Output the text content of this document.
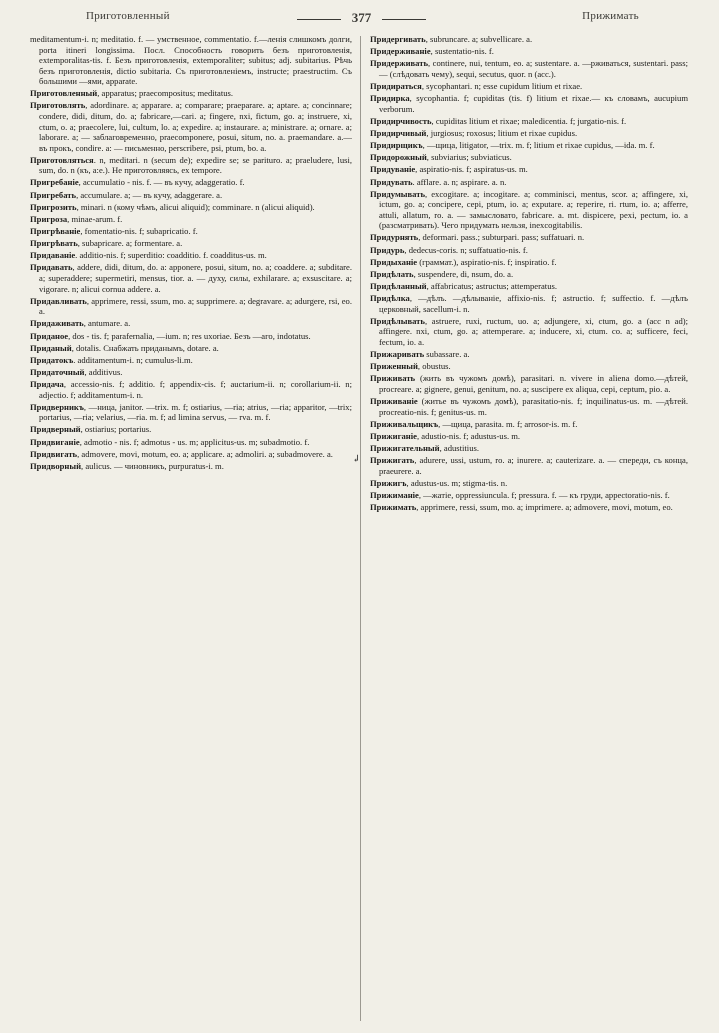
Приготовленный	377	Прижимать

meditamentum-i. n; meditatio. f. — умственное, commentatio. f.—ленія слишкомъ долги, porta itineri longissima. Посл. Способность говорить безъ приготовленія, extemporalitas-tis. f. Безъ приготовленія, extemporaliter; subitus; adj. subitarius. Рѣчь безъ приготовленія, dictio subitaria. Съ приготовленіемъ, instructe; praestructim. Съ большими —ями, apparate.

Приготовленный, apparatus; praecompositus; meditatus.

Приготовлять, adordinare. a; apparare. a; comparare; praeparare. a; aptare. a; concinnare; condere, didi, ditum, do. a; fabricare,—cari. a; fingere, nxi, fictum, go. a; instruere, xi, ctum, o. a; praecolere, lui, cultum, lo. a; expedire. a; instaurare. a; ministrare. a; ornare. a; laborare. a; — заблаговременно, praecomponere, posui, situm, no. a. praemandare. a.—въ прокъ, condire. a: — письменно, perscribere, psi, ptum, bo. a.

Приготовляться. n, meditari. n (secum de); expedire se; se parituro. a; praeludere, lusi, sum, do. n (къ, a:e.). Не приготовляясь, ex tempore.

Пригребаніе, accumulatio - nis. f. — въ кучу, adaggeratio. f.

Пригребать, accumulare. a; — въ кучу, adaggerare. a.

Пригрозить, minari. n (кому чѣмъ, alicui aliquid); comminare. n (alicui aliquid).

Пригроза, minae-arum. f.

Пригрѣваніе, fomentatio-nis. f; subapricatio. f.

Пригрѣвать, subapricare. a; formentare. a.

Придаваніе. additio-nis. f; superditio: coadditio. f. coadditus-us. m.

Придавать, addere, didi, ditum, do. a: apponere, posui, situm, no. a; coaddere. a; subditare. a; superaddere; supermetiri, mensus, tior. a. — духу, силы, exhilarare. a; exsuscitare. a; vigorare. n; alicui cornua addere. a.

Придавливать, apprimere, ressi, ssum, mo. a; supprimere. a; degravare. a; adurgere, rsi, eo. a.

Придаживать, antumare. a.

Приданое, dos - tis. f; parafernalia, —ium. n; res uxoriae. Безъ —аго, indotatus.

Приданый, dotalis. Снабжать приданымъ, dotare. a.

Придатокъ. additamentum-i. n; cumulus-li.m.

Придаточный, additivus.

Придача, accessio-nis. f; additio. f; appendix-cis. f; auctarium-ii. n; corollarium-ii. n; adjectio. f; additamentum-i. n.

Придверникъ, —ница, janitor. —trix. m. f; ostiarius, —ria; atrius, —ria; apparitor, —trix; portarius, —ria; velarius, —ria. m. f; ad limina servus, — rva. m. f.

Придверный, ostiarius; portarius.

Придвиганіе, admotio - nis. f; admotus - us. m; applicitus-us. m; subadmotio. f.

Придвигать, admovere, movi, motum, eo. a; applicare. a; admoliri. a; subadmovere. a.

Придворный, aulicus. — чиновникъ, purpuratus-i. m.

↲

Придергивать, subruncare. a; subvellicare. a.

Придерживаніе, sustentatio-nis. f.

Придерживать, continere, nui, tentum, eo. a; sustentare. a. —рживаться, sustentari. pass; — (слѣдовать чему), sequi, secutus, quor. n (acc.).

Придираться, sycophantari. n; esse cupidum litium et rixae.

Придирка, sycophantia. f; cupiditas (tis. f) litium et rixae.— къ словамъ, aucupium verborum.

Придирчивость, cupiditas litium et rixae; maledicentia. f; jurgatio-nis. f.

Придирчивый, jurgiosus; roxosus; litium et rixae cupidus.

Придирщикъ, —щица, litigator, —trix. m. f; litium et rixae cupidus, —ida. m. f.

Придорожный, subviarius; subviaticus.

Придуваніе, aspiratio-nis. f; aspiratus-us. m.

Придувать. afflare. a. n; aspirare. a. n.

Придумывать, excogitare. a; incogitare. a; comminisci, mentus, scor. a; affingere, xi, ictum, go. a; concipere, cepi, ptum, io. a; exputare. a; reperire, ri. rtum, io. a; afferre, attuli, allatum, ro. a. — замысловато, fabricare. a. mt. dispicere, pexi, pectum, io. a (разсматривать). Чего придумать нельзя, inexcogitabilis.

Придурнять, deformari. pass.; subturpari. pass; suffatuari. n.

Придурь, dedecus-coris. n; suffatuatio-nis. f.

Придыханіе (граммат.), aspiratio-nis. f; inspiratio. f.

Придѣлать, suspendere, di, nsum, do. a.

Придѣланный, affabricatus; astructus; attemperatus.

Придѣлка, —дѣлъ. —дѣлываніе, affixio-nis. f; astructio. f; suffectio. f. —дѣлъ церковный, sacellum-i. n.

Придѣлывать, astruere, ruxi, ructum, uo. a; adjungere, xi, ctum, go. a (acc n ad); affingere. nxi, ctum, go. a; attemperare. a; inducere, xi, ctum. co. a; sufficere, feci, fectum, io. a.

Прижаривать subassare. a.

Приженный, obustus.

Приживать (жить въ чужомъ домѣ), parasitari. n. vivere in aliena domo.—дѣтей, procreare. a; gignere, genui, genitum, no. a; suscipere ex aliqua, cepi, ceptum, pio. a.

Приживаніе (житье въ чужомъ домѣ), parasitatio-nis. f; inquilinatus-us. m. —дѣтей. procreatio-nis. f; genitus-us. m.

Приживальщикъ, —щица, parasita. m. f; arrosor-is. m. f.

Прижиганіе, adustio-nis. f; adustus-us. m.

Прижигательный, adustitius.

Прижигать, adurere, ussi, ustum, ro. a; inurere. a; cauterizare. a. — спереди, съ конца, praeurere. a.

Прижигъ, adustus-us. m; stigma-tis. n.

Прижиманіе, —жатіе, oppressiuncula. f; pressura. f. — къ груди, appectoratio-nis. f.

Прижимать, apprimere, ressi, ssum, mo. a; imprimere. a; admovere, movi, motum, eo.
